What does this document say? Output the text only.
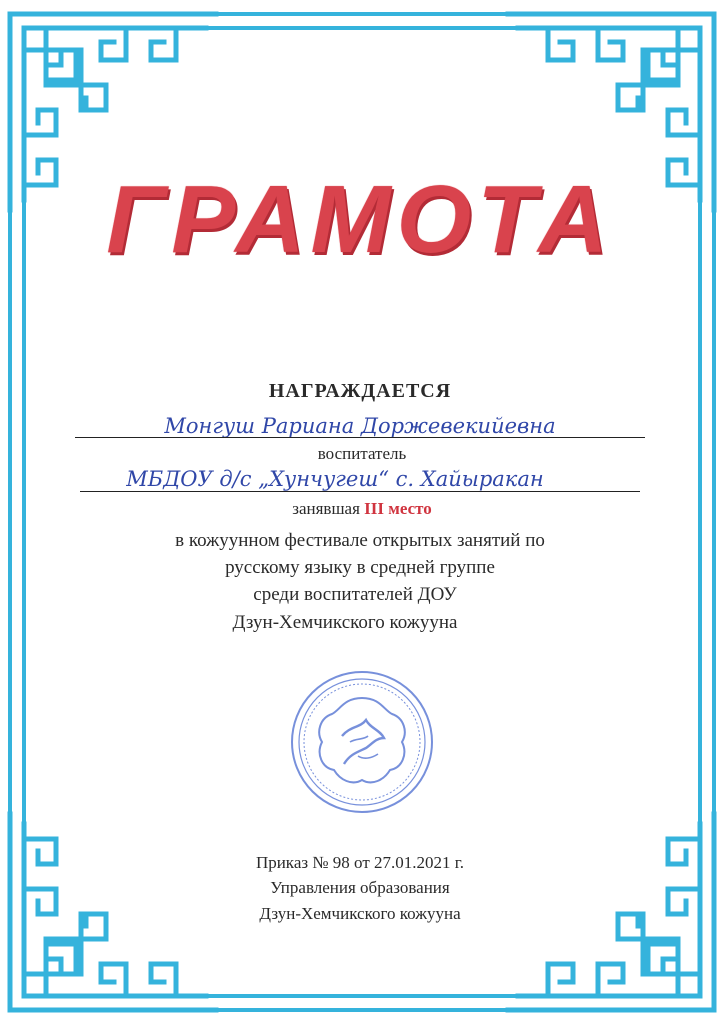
ГРАМОТА
НАГРАЖДАЕТСЯ
Монгуш Рариана Доржевекийевна
воспитатель
МБДОУ д/с „Хунчугеш“ с. Хайыракан
занявшая III место
в кожуунном фестивале открытых занятий по
русскому языку в средней группе
среди воспитателей ДОУ
Дзун-Хемчикского кожууна
Приказ № 98 от 27.01.2021 г.
Управления образования
Дзун-Хемчикского кожууна
